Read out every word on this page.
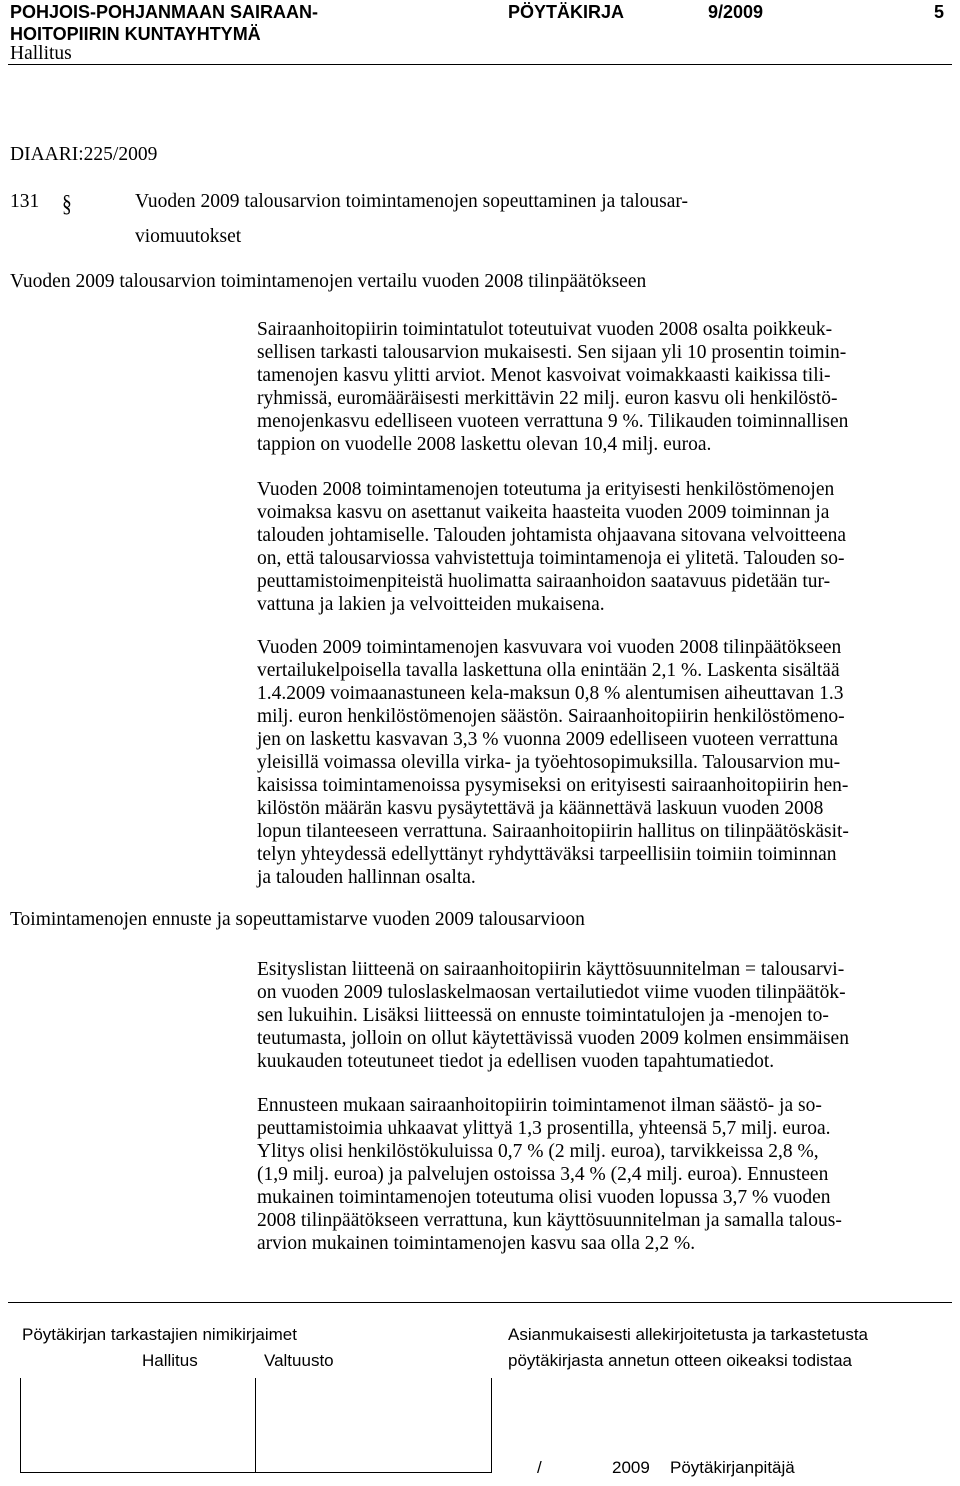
POHJOIS-POHJANMAAN SAIRAAN-
HOITOPIIRIN KUNTAYHTYMÄ
PÖYTÄKIRJA	9/2009	5
Hallitus
DIAARI:225/2009
131 §	Vuoden 2009 talousarvion toimintamenojen sopeuttaminen ja talousar-
viomuutokset
Vuoden 2009 talousarvion toimintamenojen vertailu vuoden 2008 tilinpäätökseen
Sairaanhoitopiirin toimintatulot toteutuivat vuoden 2008 osalta poikkeuk-
sellisen tarkasti talousarvion mukaisesti. Sen sijaan yli 10 prosentin toimin-
tamenojen kasvu ylitti arviot. Menot kasvoivat voimakkaasti kaikissa tili-
ryhmissä, euromääräisesti merkittävin 22 milj. euron kasvu oli henkilöstö-
menojenkasvu edelliseen vuoteen verrattuna 9 %. Tilikauden toiminnallisen
tappion on vuodelle 2008 laskettu olevan 10,4 milj. euroa.
Vuoden 2008 toimintamenojen toteutuma ja erityisesti henkilöstömenojen
voimaksa kasvu on asettanut vaikeita haasteita vuoden 2009 toiminnan ja
talouden johtamiselle. Talouden johtamista ohjaavana sitovana velvoitteena
on, että talousarviossa vahvistettuja toimintamenoja ei ylitetä. Talouden so-
peuttamistoimenpiteistä huolimatta sairaanhoidon saatavuus pidetään tur-
vattuna ja lakien ja velvoitteiden mukaisena.
Vuoden 2009 toimintamenojen kasvuvara voi vuoden 2008 tilinpäätökseen
vertailukelpoisella tavalla laskettuna olla enintään 2,1 %. Laskenta sisältää
1.4.2009 voimaanastuneen kela-maksun 0,8 % alentumisen aiheuttavan 1.3
milj. euron henkilöstömenojen säästön. Sairaanhoitopiirin henkilöstömeno-
jen on laskettu kasvavan 3,3 % vuonna 2009 edelliseen vuoteen verrattuna
yleisillä voimassa olevilla virka- ja työehtosopimuksilla. Talousarvion mu-
kaisissa toimintamenoissa pysymiseksi on erityisesti sairaanhoitopiirin hen-
kilöstön määrän kasvu pysäytettävä ja käännettävä laskuun vuoden 2008
lopun tilanteeseen verrattuna. Sairaanhoitopiirin hallitus on tilinpäätöskäsit-
telyn yhteydessä edellyttänyt ryhdyttäväksi tarpeellisiin toimiin toiminnan
ja talouden hallinnan osalta.
Toimintamenojen ennuste ja sopeuttamistarve vuoden 2009 talousarvioon
Esityslistan liitteenä on sairaanhoitopiirin käyttösuunnitelman = talousarvi-
on vuoden 2009 tuloslaskelmaosan vertailutiedot viime vuoden tilinpäätök-
sen lukuihin. Lisäksi liitteessä on ennuste toimintatulojen ja -menojen to-
teutumasta, jolloin on ollut käytettävissä vuoden 2009 kolmen ensimmäisen
kuukauden toteutuneet tiedot ja edellisen vuoden tapahtumatiedot.
Ennusteen mukaan sairaanhoitopiirin toimintamenot ilman säästö- ja so-
peuttamistoimia uhkaavat ylittyä 1,3 prosentilla, yhteensä 5,7 milj. euroa.
Ylitys olisi henkilöstökuluissa 0,7 % (2 milj. euroa), tarvikkeissa 2,8 %,
(1,9 milj. euroa) ja palvelujen ostoissa 3,4 % (2,4 milj. euroa). Ennusteen
mukainen toimintamenojen toteutuma olisi vuoden lopussa 3,7 % vuoden
2008 tilinpäätökseen verrattuna, kun käyttösuunnitelman ja samalla talous-
arvion mukainen toimintamenojen kasvu saa olla 2,2 %.
Pöytäkirjan tarkastajien nimikirjaimet
Hallitus	Valtuusto
Asianmukaisesti allekirjoitetusta ja tarkastetusta
pöytäkirjasta annetun otteen oikeaksi todistaa
/	2009 Pöytäkirjanpitäjä
